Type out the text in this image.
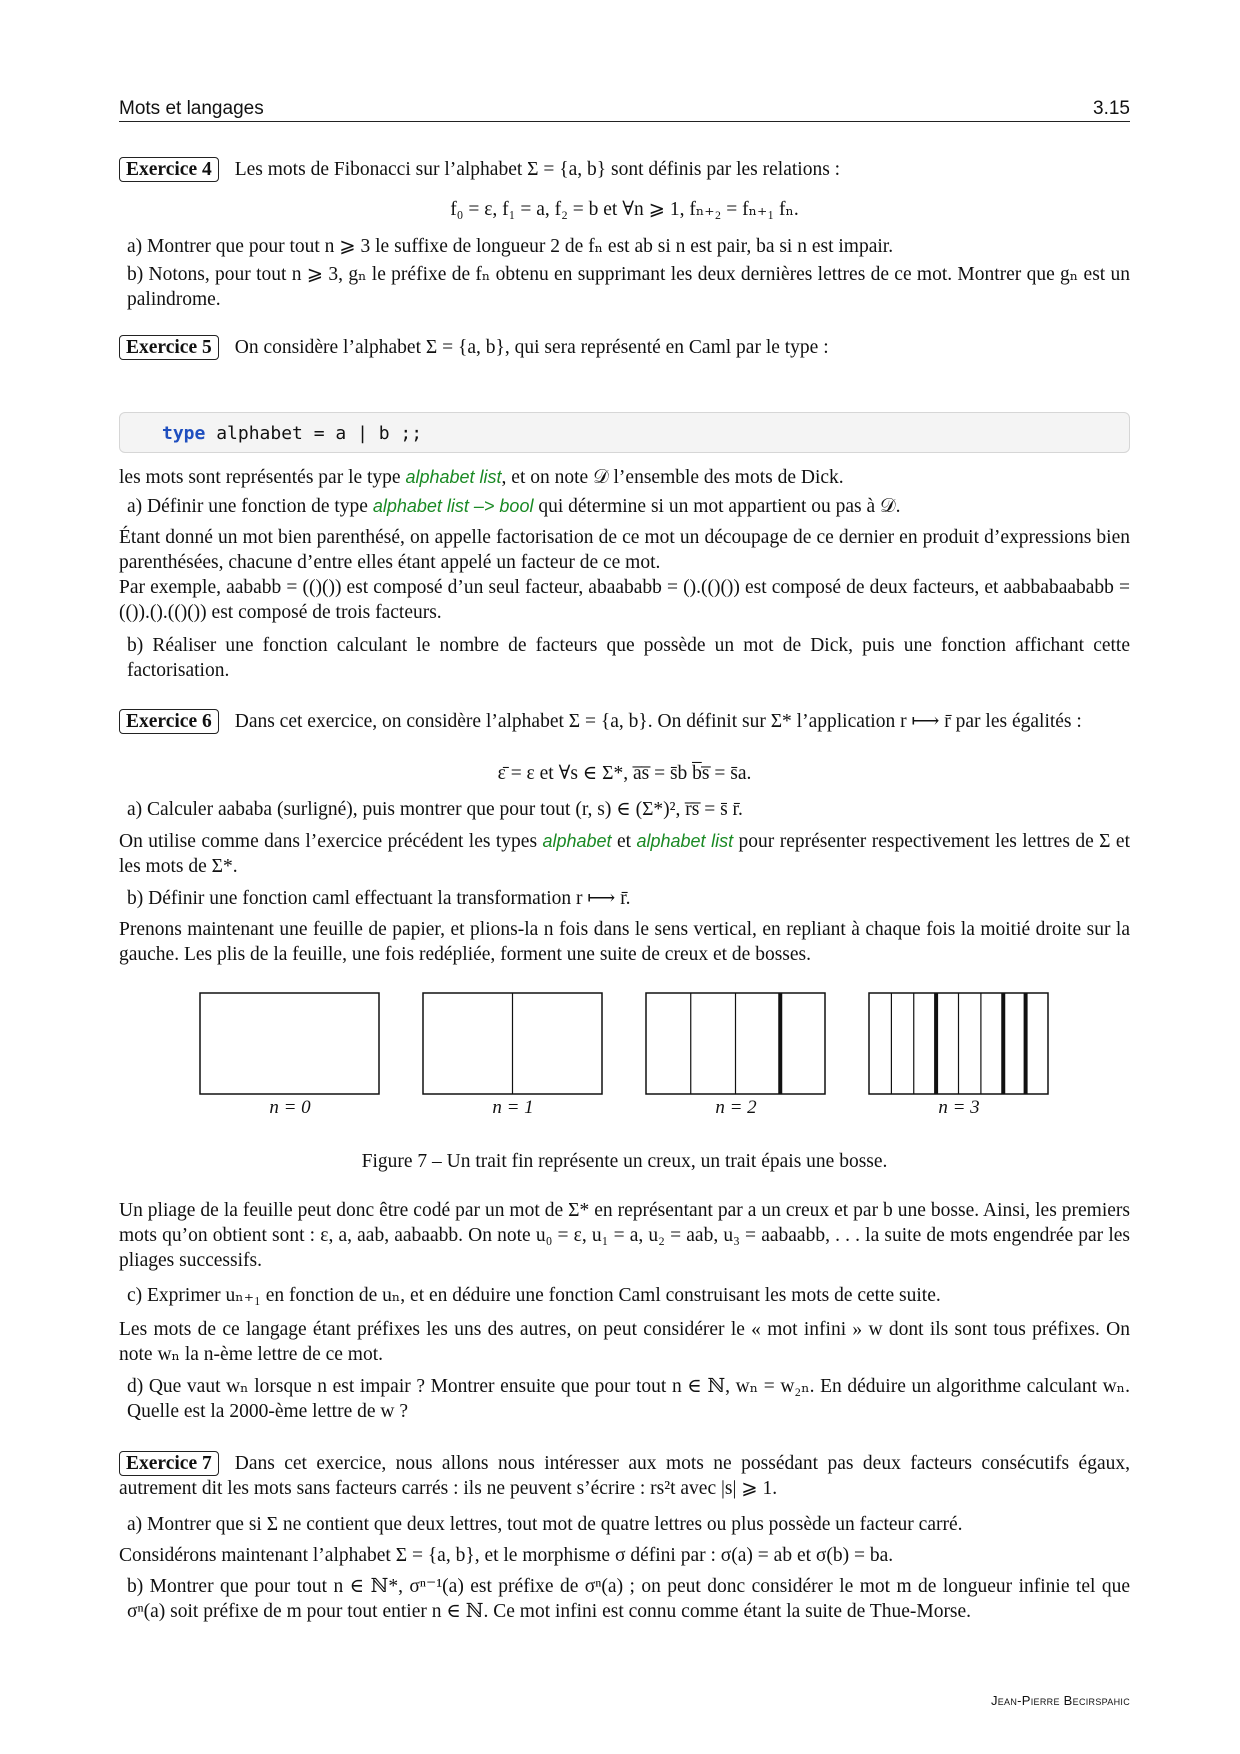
Mots et langages	3.15
Exercice 4 Les mots de Fibonacci sur l’alphabet Σ = {a, b} sont définis par les relations :
f₀ = ε, f₁ = a, f₂ = b et ∀n ⩾ 1, fₙ₊₂ = fₙ₊₁ fₙ.
a) Montrer que pour tout n ⩾ 3 le suffixe de longueur 2 de fₙ est ab si n est pair, ba si n est impair.
b) Notons, pour tout n ⩾ 3, gₙ le préfixe de fₙ obtenu en supprimant les deux dernières lettres de ce mot. Montrer que gₙ est un palindrome.
Exercice 5 On considère l’alphabet Σ = {a, b}, qui sera représenté en Caml par le type :
type alphabet = a | b ;;
les mots sont représentés par le type alphabet list, et on note 𝒟 l’ensemble des mots de Dick.
a) Définir une fonction de type alphabet list –> bool qui détermine si un mot appartient ou pas à 𝒟.
Étant donné un mot bien parenthésé, on appelle factorisation de ce mot un découpage de ce dernier en produit d’expressions bien parenthésées, chacune d’entre elles étant appelé un facteur de ce mot.
Par exemple, aababb = (()()) est composé d’un seul facteur, abaababb = ().(()()) est composé de deux facteurs, et aabbabaababb = (()).().(()()) est composé de trois facteurs.
b) Réaliser une fonction calculant le nombre de facteurs que possède un mot de Dick, puis une fonction affichant cette factorisation.
Exercice 6 Dans cet exercice, on considère l’alphabet Σ = {a, b}. On définit sur Σ* l’application r ⟼ r̄ par les égalités :
ε̄ = ε et ∀s ∈ Σ*, a̅s̅ = s̄b b̅s̅ = s̄a.
a) Calculer aababa (surligné), puis montrer que pour tout (r, s) ∈ (Σ*)², r̅s̅ = s̄ r̄.
On utilise comme dans l’exercice précédent les types alphabet et alphabet list pour représenter respectivement les lettres de Σ et les mots de Σ*.
b) Définir une fonction caml effectuant la transformation r ⟼ r̄.
Prenons maintenant une feuille de papier, et plions-la n fois dans le sens vertical, en repliant à chaque fois la moitié droite sur la gauche. Les plis de la feuille, une fois redépliée, forment une suite de creux et de bosses.
n = 0	n = 1	n = 2	n = 3
Figure 7 – Un trait fin représente un creux, un trait épais une bosse.
Un pliage de la feuille peut donc être codé par un mot de Σ* en représentant par a un creux et par b une bosse. Ainsi, les premiers mots qu’on obtient sont : ε, a, aab, aabaabb. On note u₀ = ε, u₁ = a, u₂ = aab, u₃ = aabaabb, . . . la suite de mots engendrée par les pliages successifs.
c) Exprimer uₙ₊₁ en fonction de uₙ, et en déduire une fonction Caml construisant les mots de cette suite.
Les mots de ce langage étant préfixes les uns des autres, on peut considérer le « mot infini » w dont ils sont tous préfixes. On note wₙ la n-ème lettre de ce mot.
d) Que vaut wₙ lorsque n est impair ? Montrer ensuite que pour tout n ∈ ℕ, wₙ = w₂ₙ. En déduire un algorithme calculant wₙ. Quelle est la 2000-ème lettre de w ?
Exercice 7 Dans cet exercice, nous allons nous intéresser aux mots ne possédant pas deux facteurs consécutifs égaux, autrement dit les mots sans facteurs carrés : ils ne peuvent s’écrire : rs²t avec |s| ⩾ 1.
a) Montrer que si Σ ne contient que deux lettres, tout mot de quatre lettres ou plus possède un facteur carré.
Considérons maintenant l’alphabet Σ = {a, b}, et le morphisme σ défini par : σ(a) = ab et σ(b) = ba.
b) Montrer que pour tout n ∈ ℕ*, σⁿ⁻¹(a) est préfixe de σⁿ(a) ; on peut donc considérer le mot m de longueur infinie tel que σⁿ(a) soit préfixe de m pour tout entier n ∈ ℕ. Ce mot infini est connu comme étant la suite de Thue-Morse.
Jean-Pierre Becirspahic
